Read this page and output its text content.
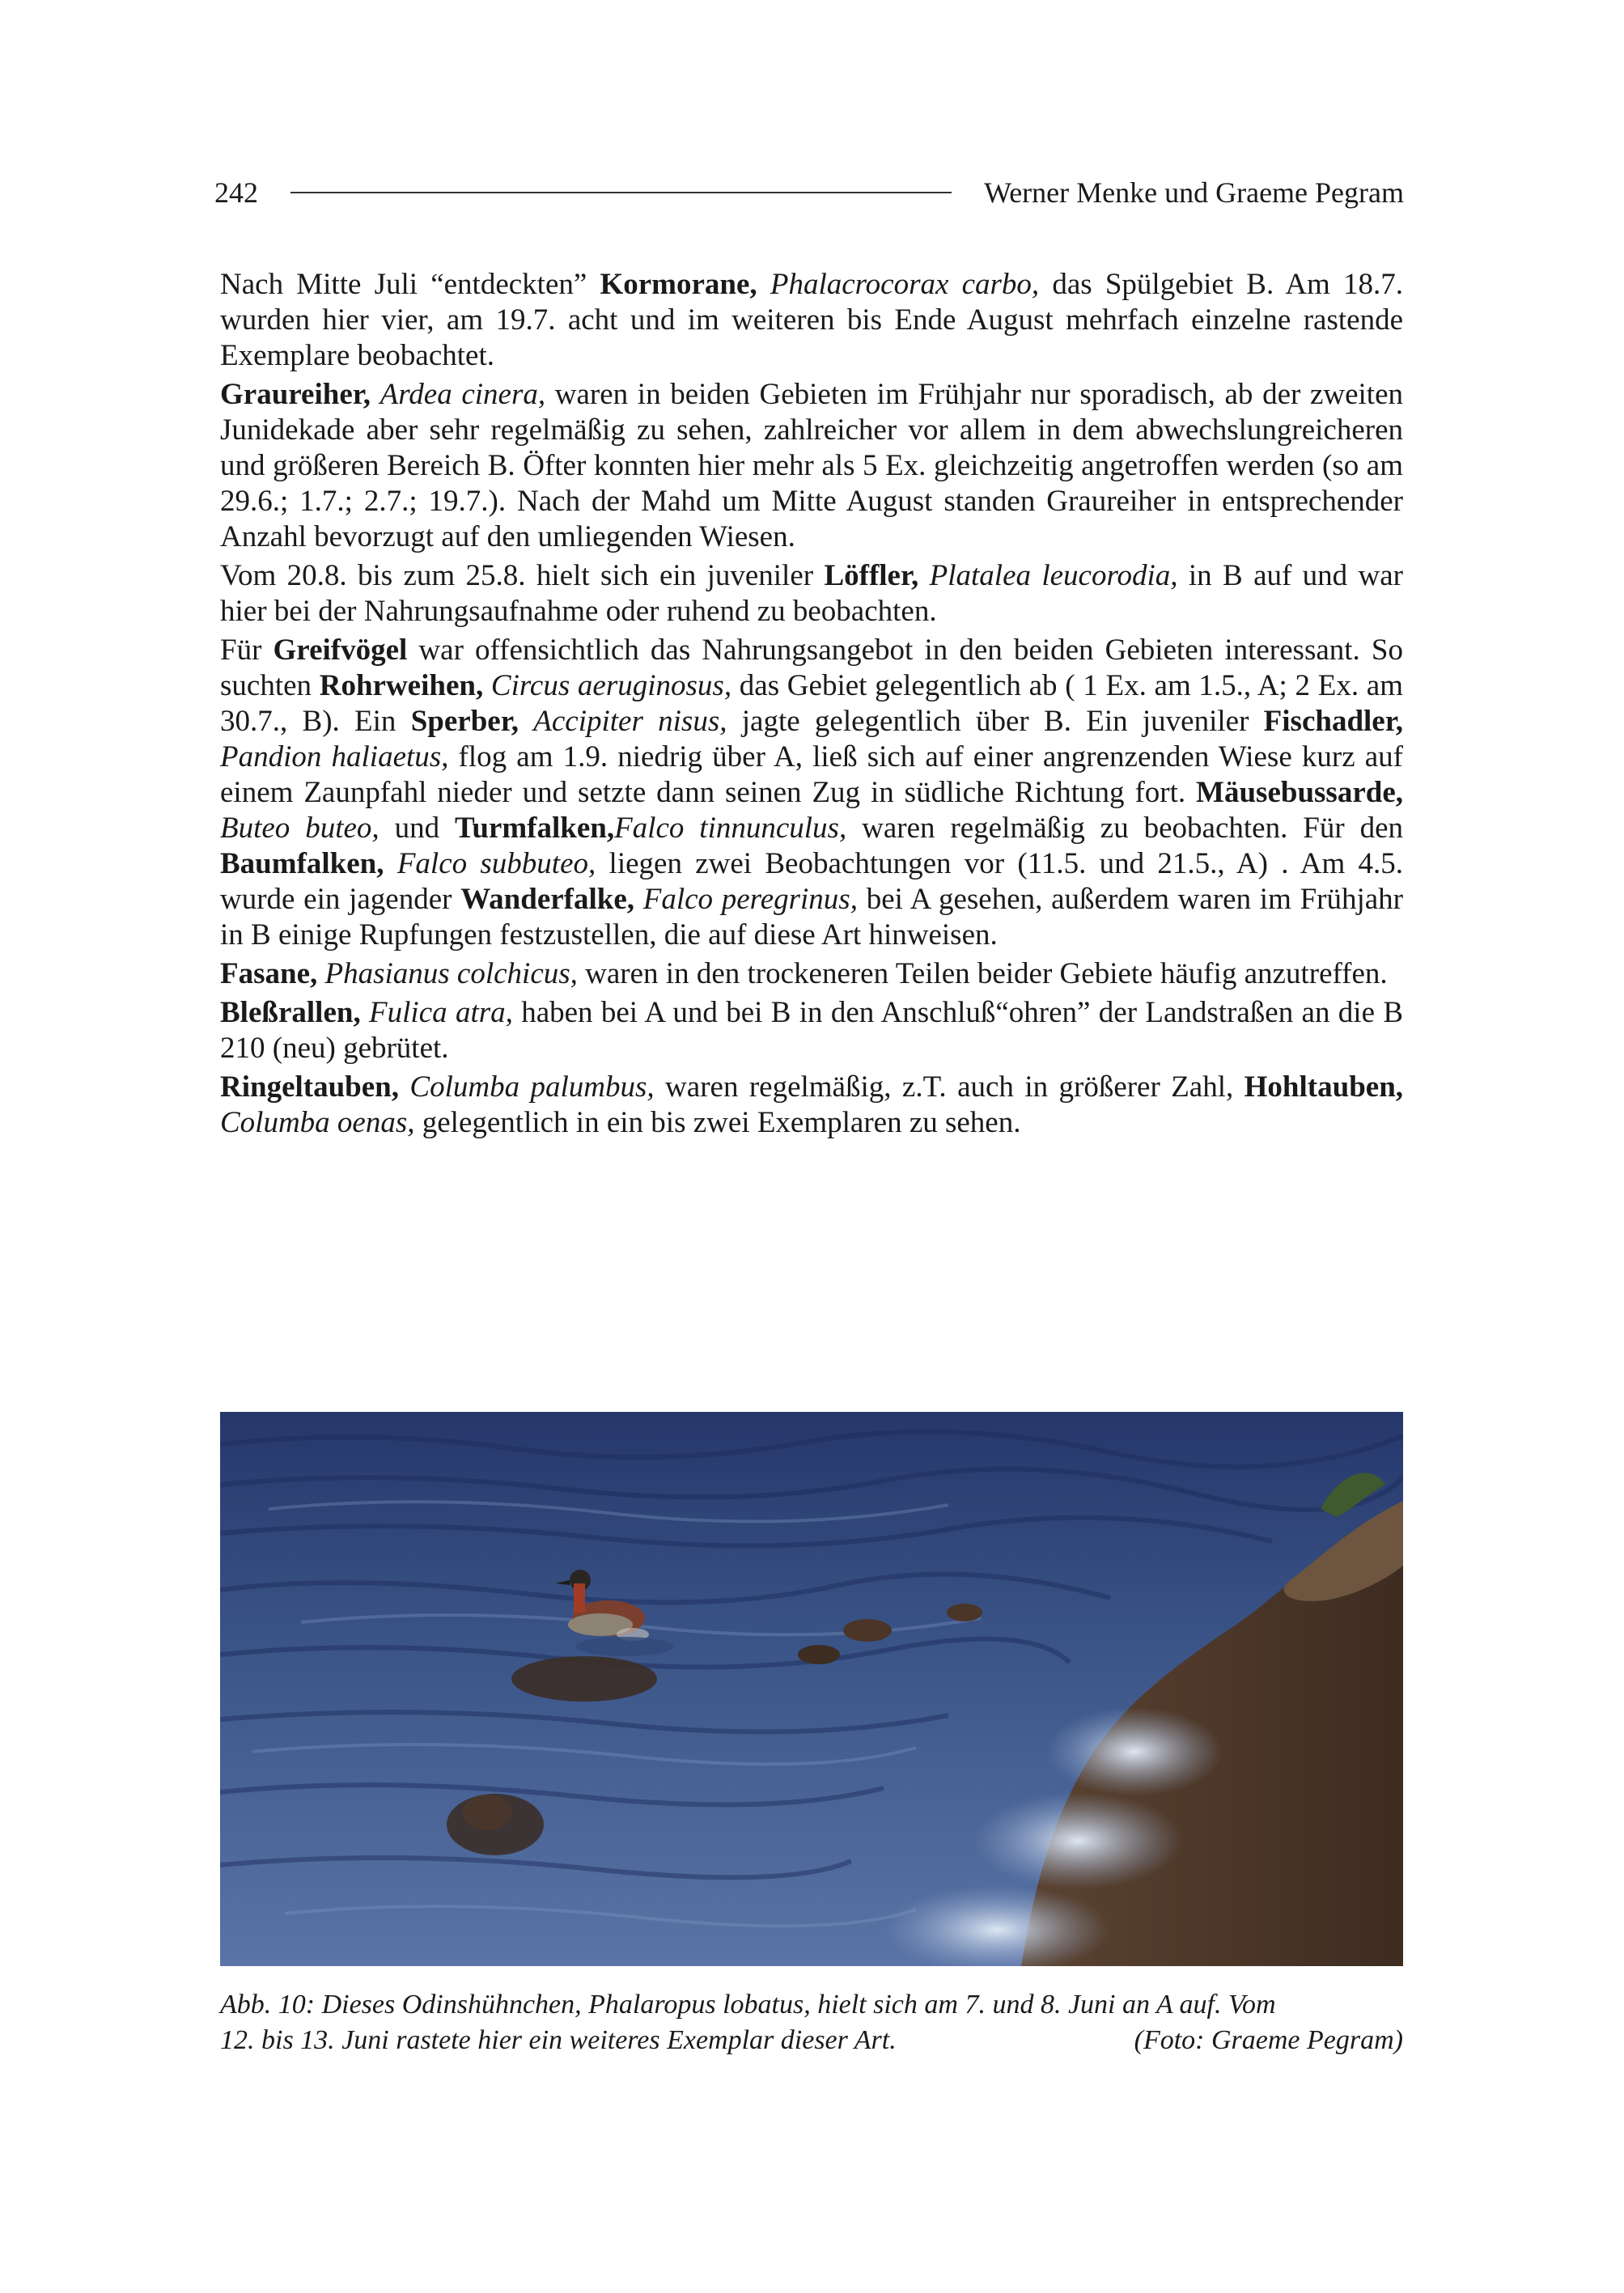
242	Werner Menke und Graeme Pegram

Nach Mitte Juli “entdeckten” Kormorane, Phalacrocorax carbo, das Spülgebiet B. Am 18.7. wurden hier vier, am 19.7. acht und im weiteren bis Ende August mehrfach einzelne rastende Exemplare beobachtet.

Graureiher, Ardea cinera, waren in beiden Gebieten im Frühjahr nur sporadisch, ab der zweiten Junidekade aber sehr regelmäßig zu sehen, zahlreicher vor allem in dem abwechslungreicheren und größeren Bereich B. Öfter konnten hier mehr als 5 Ex. gleichzeitig angetroffen werden (so am 29.6.; 1.7.; 2.7.; 19.7.). Nach der Mahd um Mitte August standen Graureiher in entsprechender Anzahl bevorzugt auf den umliegenden Wiesen.

Vom 20.8. bis zum 25.8. hielt sich ein juveniler Löffler, Platalea leucorodia, in B auf und war hier bei der Nahrungsaufnahme oder ruhend zu beobachten.

Für Greifvögel war offensichtlich das Nahrungsangebot in den beiden Gebieten interessant. So suchten Rohrweihen, Circus aeruginosus, das Gebiet gelegentlich ab ( 1 Ex. am 1.5., A; 2 Ex. am 30.7., B). Ein Sperber, Accipiter nisus, jagte gelegentlich über B. Ein juveniler Fischadler, Pandion haliaetus, flog am 1.9. niedrig über A, ließ sich auf einer angrenzenden Wiese kurz auf einem Zaunpfahl nieder und setzte dann seinen Zug in südliche Richtung fort. Mäusebussarde, Buteo buteo, und Turmfalken,Falco tinnunculus, waren regelmäßig zu beobachten. Für den Baumfalken, Falco subbuteo, liegen zwei Beobachtungen vor (11.5. und 21.5., A) . Am 4.5. wurde ein jagender Wanderfalke, Falco peregrinus, bei A gesehen, außerdem waren im Frühjahr in B einige Rupfungen festzustellen, die auf diese Art hinweisen.

Fasane, Phasianus colchicus, waren in den trockeneren Teilen beider Gebiete häufig anzutreffen.

Bleßrallen, Fulica atra, haben bei A und bei B in den Anschluß“ohren” der Landstraßen an die B 210 (neu) gebrütet.

Ringeltauben, Columba palumbus, waren regelmäßig, z.T. auch in größerer Zahl, Hohltauben, Columba oenas, gelegentlich in ein bis zwei Exemplaren zu sehen.

Abb. 10: Dieses Odinshühnchen, Phalaropus lobatus, hielt sich am 7. und 8. Juni an A auf. Vom
12. bis 13. Juni rastete hier ein weiteres Exemplar dieser Art.	(Foto: Graeme Pegram)
